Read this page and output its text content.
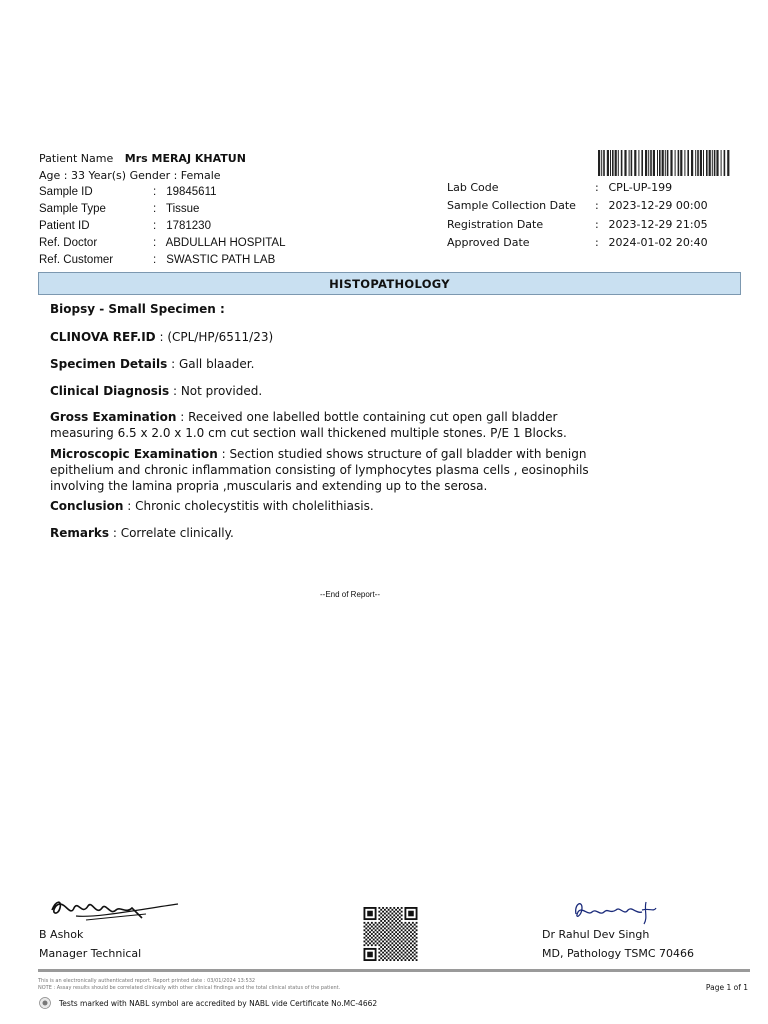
Patient Name Mrs MERAJ KHATUN
Age : 33 Year(s) Gender : Female
Sample ID	: 19845611
Sample Type	: Tissue
Patient ID	: 1781230
Ref. Doctor	: ABDULLAH HOSPITAL
Ref. Customer	: SWASTIC PATH LAB
Lab Code	: CPL-UP-199
Sample Collection Date : 2023-12-29 00:00
Registration Date	: 2023-12-29 21:05
Approved Date	: 2024-01-02 20:40
HISTOPATHOLOGY
Biopsy - Small Specimen :
CLINOVA REF.ID : (CPL/HP/6511/23)
Specimen Details : Gall blaader.
Clinical Diagnosis : Not provided.
Gross Examination : Received one labelled bottle containing cut open gall bladder measuring 6.5 x 2.0 x 1.0 cm cut section wall thickened multiple stones. P/E 1 Blocks.
Microscopic Examination : Section studied shows structure of gall bladder with benign epithelium and chronic inflammation consisting of lymphocytes plasma cells , eosinophils involving the lamina propria ,muscularis and extending up to the serosa.
Conclusion : Chronic cholecystitis with cholelithiasis.
Remarks : Correlate clinically.
--End of Report--
B Ashok
Manager Technical
Dr Rahul Dev Singh
MD, Pathology TSMC 70466
This is an electronically authenticated report. Report printed date : 03/01/2024 13:532
NOTE : Assay results should be correlated clinically with other clinical findings and the total clinical status of the patient.	Page 1 of 1
Tests marked with NABL symbol are accredited by NABL vide Certificate No.MC-4662
